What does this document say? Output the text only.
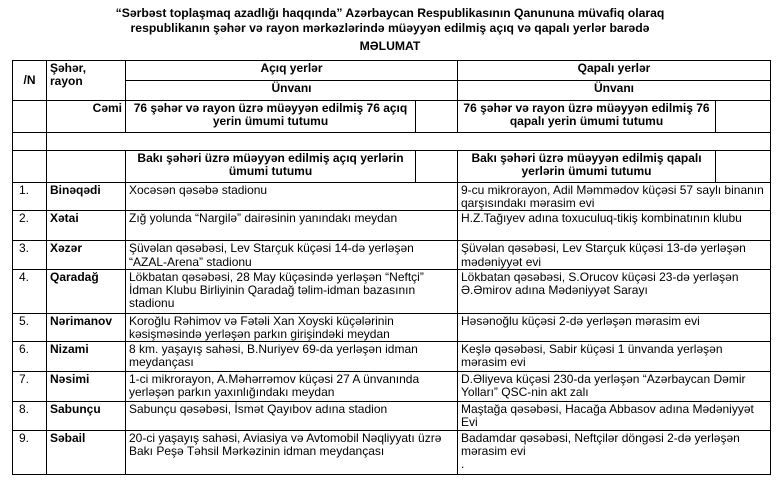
“Sərbəst toplaşmaq azadlığı haqqında” Azərbaycan Respublikasının Qanununa müvafiq olaraq
respublikanın şəhər və rayon mərkəzlərində müəyyən edilmiş açıq və qapalı yerlər barədə
MƏLUMAT
/N	Şəhər, rayon	Açıq yerlər		Qapalı yerlər	
		Ünvanı		Ünvanı	
	Cəmi	76 şəhər və rayon üzrə müəyyən edilmiş 76 açıq yerin ümumi tutumu		76 şəhər və rayon üzrə müəyyən edilmiş 76 qapalı yerin ümumi tutumu	

		Bakı şəhəri üzrə müəyyən edilmiş açıq yerlərin ümumi tutumu		Bakı şəhəri üzrə müəyyən edilmiş qapalı yerlərin ümumi tutumu	
1.	Binəqədi	Xocəsən qəsəbə stadionu		9-cu mikrorayon, Adil Məmmədov küçəsi 57 saylı binanın qarşısındakı mərasim evi	
2.	Xətai	Zığ yolunda “Nargilə” dairəsinin yanındakı meydan		H.Z.Tağıyev adına toxuculuq-tikiş kombinatının klubu	
3.	Xəzər	Şüvəlan qəsəbəsi, Lev Starçuk küçəsi 14-də yerləşən “AZAL-Arena” stadionu		Şüvəlan qəsəbəsi, Lev Starçuk küçəsi 13-də yerləşən mədəniyyət evi	
4.	Qaradağ	Lökbatan qəsəbəsi, 28 May küçəsində yerləşən “Neftçi” İdman Klubu Birliyinin Qaradağ təlim-idman bazasının stadionu		Lökbatan qəsəbəsi, S.Orucov küçəsi 23-də yerləşən Ə.Əmirov adına Mədəniyyət Sarayı	
5.	Nərimanov	Koroğlu Rəhimov və Fətəli Xan Xoyski küçələrinin kəsişməsində yerləşən parkın girişindəki meydan		Həsənoğlu küçəsi 2-də yerləşən mərasim evi	
6.	Nizami	8 km. yaşayış sahəsi, B.Nuriyev 69-da yerləşən idman meydançası		Keşlə qəsəbəsi, Sabir küçəsi 1 ünvanda yerləşən mərasim evi	
7.	Nəsimi	1-ci mikrorayon, A.Məhərrəmov küçəsi 27 A ünvanında yerləşən parkın yaxınlığındakı meydan		D.Əliyeva küçəsi 230-da yerləşən “Azərbaycan Dəmir Yolları” QSC-nin akt zalı	
8.	Sabunçu	Sabunçu qəsəbəsi, İsmət Qayıbov adına stadion		Maştağa qəsəbəsi, Hacağa Abbasov adına Mədəniyyət Evi	
9.	Səbail	20-ci yaşayış sahəsi, Aviasiya və Avtomobil Nəqliyyatı üzrə Bakı Peşə Təhsil Mərkəzinin idman meydançası		Badamdar qəsəbəsi, Neftçilər döngəsi 2-də yerləşən mərasim evi
.	
